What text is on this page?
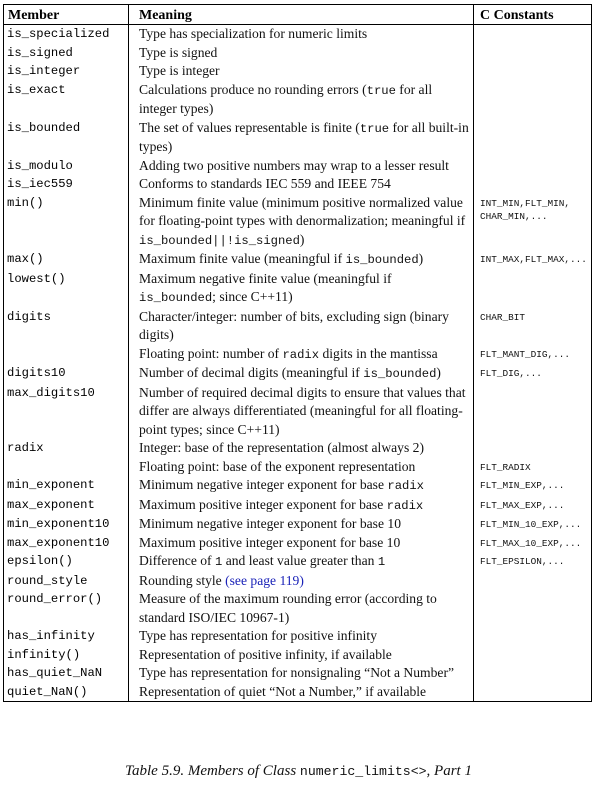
Member	Meaning	C Constants
is_specialized	Type has specialization for numeric limits	
is_signed	Type is signed	
is_integer	Type is integer	
is_exact	Calculations produce no rounding errors (true for all integer types)	
is_bounded	The set of values representable is finite (true for all built-in types)	
is_modulo	Adding two positive numbers may wrap to a lesser result	
is_iec559	Conforms to standards IEC 559 and IEEE 754	
min()	Minimum finite value (minimum positive normalized value for floating-point types with denormalization; meaningful if is_bounded||!is_signed)	INT_MIN,FLT_MIN,
CHAR_MIN,...
max()	Maximum finite value (meaningful if is_bounded)	INT_MAX,FLT_MAX,...
lowest()	Maximum negative finite value (meaningful if is_bounded; since C++11)	
digits	Character/integer: number of bits, excluding sign (binary digits)	CHAR_BIT
	Floating point: number of radix digits in the mantissa	FLT_MANT_DIG,...
digits10	Number of decimal digits (meaningful if is_bounded)	FLT_DIG,...
max_digits10	Number of required decimal digits to ensure that values that differ are always differentiated (meaningful for all floating-point types; since C++11)	
radix	Integer: base of the representation (almost always 2)	
	Floating point: base of the exponent representation	FLT_RADIX
min_exponent	Minimum negative integer exponent for base radix	FLT_MIN_EXP,...
max_exponent	Maximum positive integer exponent for base radix	FLT_MAX_EXP,...
min_exponent10	Minimum negative integer exponent for base 10	FLT_MIN_10_EXP,...
max_exponent10	Maximum positive integer exponent for base 10	FLT_MAX_10_EXP,...
epsilon()	Difference of 1 and least value greater than 1	FLT_EPSILON,...
round_style	Rounding style (see page 119)	
round_error()	Measure of the maximum rounding error (according to standard ISO/IEC 10967-1)	
has_infinity	Type has representation for positive infinity	
infinity()	Representation of positive infinity, if available	
has_quiet_NaN	Type has representation for nonsignaling “Not a Number”	
quiet_NaN()	Representation of quiet “Not a Number,” if available	
Table 5.9. Members of Class numeric_limits<>, Part 1
